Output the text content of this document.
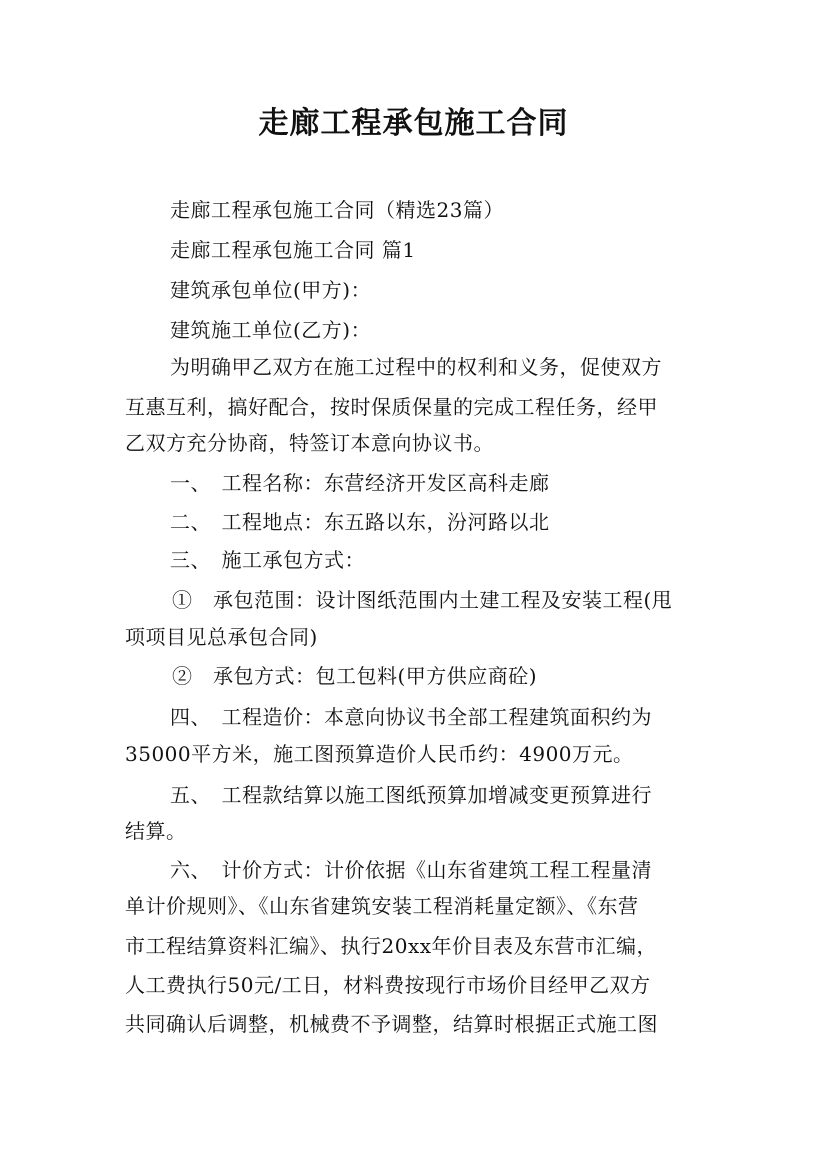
走廊工程承包施工合同
走廊工程承包施工合同（精选23篇）
走廊工程承包施工合同 篇1
建筑承包单位(甲方)：
建筑施工单位(乙方)：
为明确甲乙双方在施工过程中的权利和义务，促使双方
互惠互利，搞好配合，按时保质保量的完成工程任务，经甲
乙双方充分协商，特签订本意向协议书。
一、　工程名称：东营经济开发区高科走廊
二、　工程地点：东五路以东，汾河路以北
三、　施工承包方式：
①　承包范围：设计图纸范围内土建工程及安装工程(甩
项项目见总承包合同)
②　承包方式：包工包料(甲方供应商砼)
四、　工程造价：本意向协议书全部工程建筑面积约为
35000平方米，施工图预算造价人民币约：4900万元。
五、　工程款结算以施工图纸预算加增减变更预算进行
结算。
六、　计价方式：计价依据《山东省建筑工程工程量清
单计价规则》、《山东省建筑安装工程消耗量定额》、《东营
市工程结算资料汇编》、执行20xx年价目表及东营市汇编，
人工费执行50元/工日，材料费按现行市场价目经甲乙双方
共同确认后调整，机械费不予调整，结算时根据正式施工图
